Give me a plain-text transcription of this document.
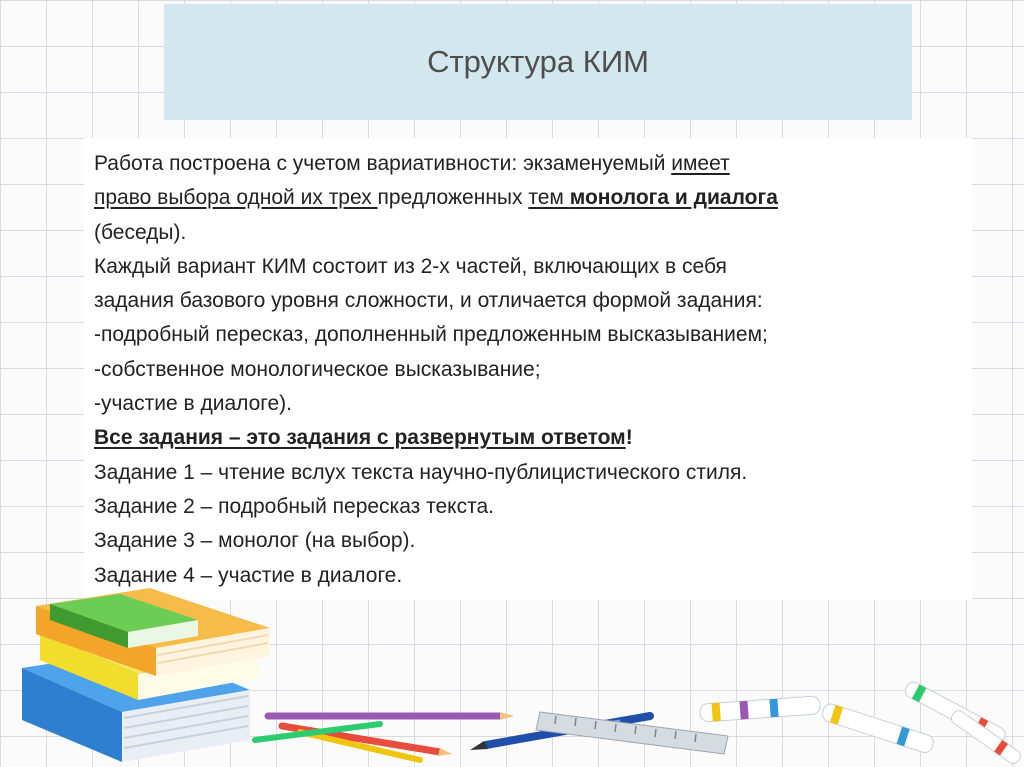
Структура КИМ
Работа построена с учетом вариативности: экзаменуемый имеет
право выбора одной их трех предложенных тем монолога и диалога
(беседы).
Каждый вариант КИМ состоит из 2-х частей, включающих в себя
задания базового уровня сложности, и отличается формой задания:
-подробный пересказ, дополненный предложенным высказыванием;
-собственное монологическое высказывание;
-участие в диалоге).
Все задания – это задания с развернутым ответом!
Задание 1 – чтение вслух текста научно-публицистического стиля.
Задание 2 – подробный пересказ текста.
Задание 3 – монолог (на выбор).
Задание 4 – участие в диалоге.
